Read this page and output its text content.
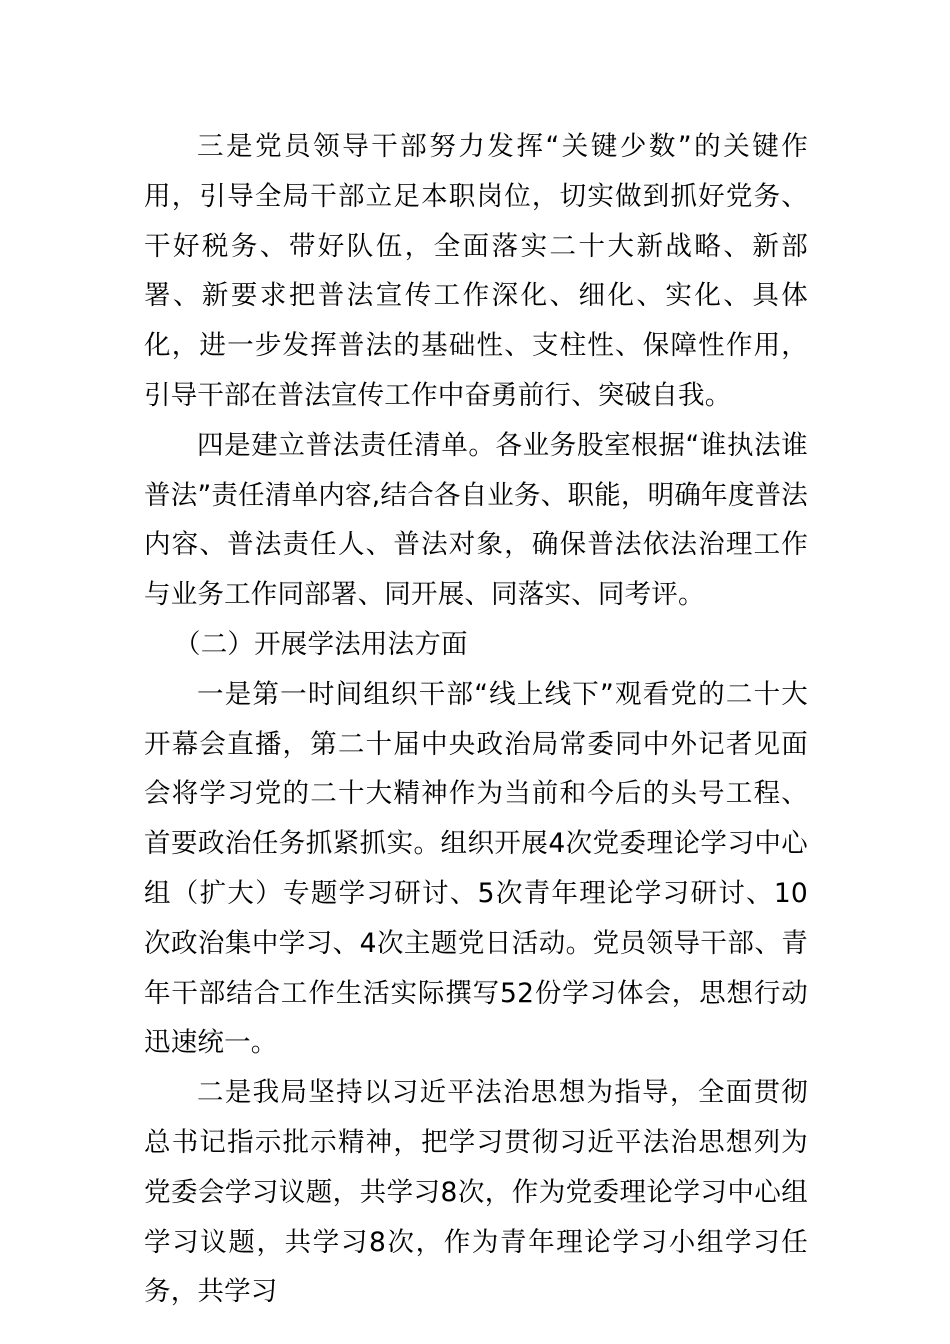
三是党员领导干部努力发挥“关键少数”的关键作用，引导全局干部立足本职岗位，切实做到抓好党务、干好税务、带好队伍，全面落实二十大新战略、新部署、新要求把普法宣传工作深化、细化、实化、具体化，进一步发挥普法的基础性、支柱性、保障性作用，引导干部在普法宣传工作中奋勇前行、突破自我。

四是建立普法责任清单。各业务股室根据“谁执法谁普法”责任清单内容,结合各自业务、职能，明确年度普法内容、普法责任人、普法对象，确保普法依法治理工作与业务工作同部署、同开展、同落实、同考评。

（二）开展学法用法方面

一是第一时间组织干部“线上线下”观看党的二十大开幕会直播，第二十届中央政治局常委同中外记者见面会将学习党的二十大精神作为当前和今后的头号工程、首要政治任务抓紧抓实。组织开展4次党委理论学习中心组（扩大）专题学习研讨、5次青年理论学习研讨、10次政治集中学习、4次主题党日活动。党员领导干部、青年干部结合工作生活实际撰写52份学习体会，思想行动迅速统一。

二是我局坚持以习近平法治思想为指导，全面贯彻总书记指示批示精神，把学习贯彻习近平法治思想列为党委会学习议题，共学习8次，作为党委理论学习中心组学习议题，共学习8次，作为青年理论学习小组学习任务，共学习
